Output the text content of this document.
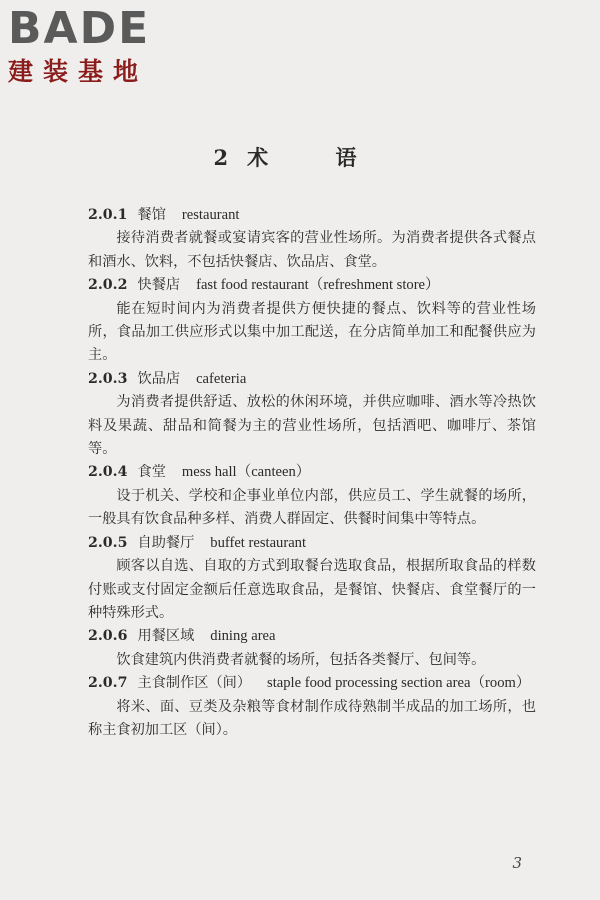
BADE
建装基地
2 术 语
2.0.1 餐馆 restaurant
接待消费者就餐或宴请宾客的营业性场所。为消费者提供各式餐点和酒水、饮料，不包括快餐店、饮品店、食堂。
2.0.2 快餐店 fast food restaurant（refreshment store）
能在短时间内为消费者提供方便快捷的餐点、饮料等的营业性场所，食品加工供应形式以集中加工配送，在分店简单加工和配餐供应为主。
2.0.3 饮品店 cafeteria
为消费者提供舒适、放松的休闲环境，并供应咖啡、酒水等冷热饮料及果蔬、甜品和简餐为主的营业性场所，包括酒吧、咖啡厅、茶馆等。
2.0.4 食堂 mess hall（canteen）
设于机关、学校和企事业单位内部，供应员工、学生就餐的场所，一般具有饮食品种多样、消费人群固定、供餐时间集中等特点。
2.0.5 自助餐厅 buffet restaurant
顾客以自选、自取的方式到取餐台选取食品，根据所取食品的样数付账或支付固定金额后任意选取食品，是餐馆、快餐店、食堂餐厅的一种特殊形式。
2.0.6 用餐区域 dining area
饮食建筑内供消费者就餐的场所，包括各类餐厅、包间等。
2.0.7 主食制作区（间） staple food processing section area（room）
将米、面、豆类及杂粮等食材制作成待熟制半成品的加工场所，也称主食初加工区（间）。
3
